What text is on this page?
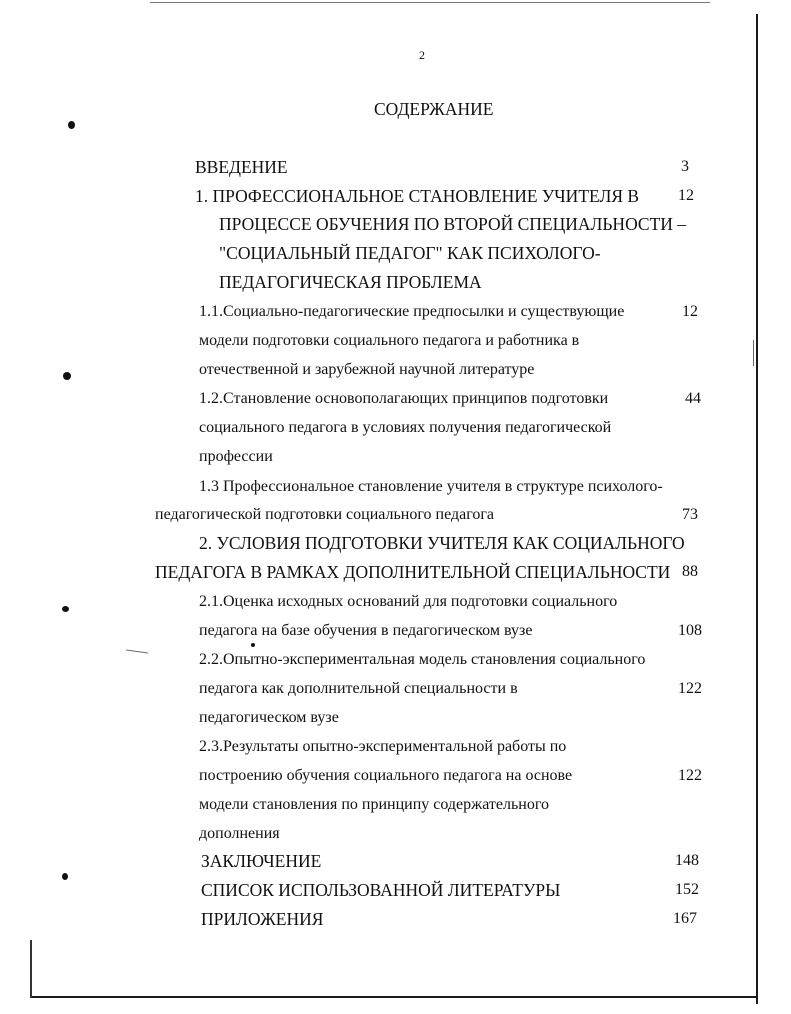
2
СОДЕРЖАНИЕ
ВВЕДЕНИЕ	3
1. ПРОФЕССИОНАЛЬНОЕ СТАНОВЛЕНИЕ УЧИТЕЛЯ В 12
ПРОЦЕССЕ ОБУЧЕНИЯ ПО ВТОРОЙ СПЕЦИАЛЬНОСТИ –
"СОЦИАЛЬНЫЙ ПЕДАГОГ" КАК ПСИХОЛОГО-
ПЕДАГОГИЧЕСКАЯ ПРОБЛЕМА
1.1.Социально-педагогические предпосылки и существующие	12
модели подготовки социального педагога и работника в
отечественной и зарубежной научной литературе
1.2.Становление основополагающих принципов подготовки	44
социального педагога в условиях получения педагогической
профессии
1.3 Профессиональное становление учителя в структуре психолого-
педагогической подготовки социального педагога	73
2. УСЛОВИЯ ПОДГОТОВКИ УЧИТЕЛЯ КАК СОЦИАЛЬНОГО
ПЕДАГОГА В РАМКАХ ДОПОЛНИТЕЛЬНОЙ СПЕЦИАЛЬНОСТИ 88
2.1.Оценка исходных оснований для подготовки социального
педагога на базе обучения в педагогическом вузе	108
2.2.Опытно-экспериментальная модель становления социального
педагога как дополнительной специальности в	122
педагогическом вузе
2.3.Результаты опытно-экспериментальной работы по
построению обучения социального педагога на основе	122
модели становления по принципу содержательного
дополнения
ЗАКЛЮЧЕНИЕ	148
СПИСОК ИСПОЛЬЗОВАННОЙ ЛИТЕРАТУРЫ	152
ПРИЛОЖЕНИЯ	167
